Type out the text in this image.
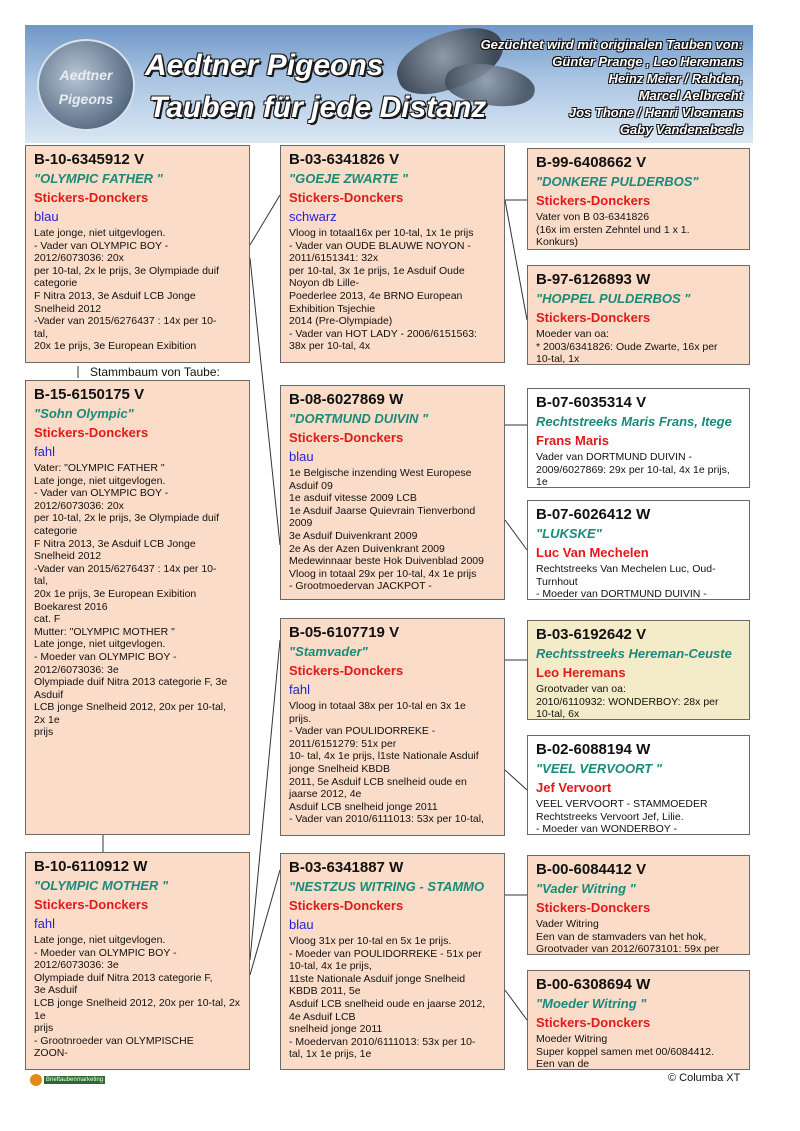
Aedtner
Pigeons
Aedtner Pigeons
Tauben für jede Distanz
Gezüchtet wird mit originalen Tauben von:
Günter Prange , Leo Heremans
Heinz Meier / Rahden,
Marcel Aelbrecht
Jos Thone / Henri Vloemans
Gaby Vandenabeele
B-10-6345912 V
"OLYMPIC FATHER "
Stickers-Donckers
blau
Late jonge, niet uitgevlogen.
- Vader van OLYMPIC BOY -
2012/6073036: 20x
per 10-tal, 2x le prijs, 3e Olympiade duif
categorie
F Nitra 2013, 3e Asduif LCB Jonge
Snelheid 2012
-Vader van 2015/6276437 : 14x per 10-
tal,
20x 1e prijs, 3e European Exibition
Stammbaum von Taube:
B-15-6150175 V
"Sohn Olympic"
Stickers-Donckers
fahl
Vater: "OLYMPIC FATHER "
Late jonge, niet uitgevlogen.
- Vader van OLYMPIC BOY -
2012/6073036: 20x
per 10-tal, 2x le prijs, 3e Olympiade duif
categorie
F Nitra 2013, 3e Asduif LCB Jonge
Snelheid 2012
-Vader van 2015/6276437 : 14x per 10-
tal,
20x 1e prijs, 3e European Exibition
Boekarest 2016
cat. F
Mutter: "OLYMPIC MOTHER "
Late jonge, niet uitgevlogen.
- Moeder van OLYMPIC BOY -
2012/6073036: 3e
Olympiade duif Nitra 2013 categorie F, 3e
Asduif
LCB jonge Snelheid 2012, 20x per 10-tal,
2x 1e
prijs
B-10-6110912 W
"OLYMPIC MOTHER "
Stickers-Donckers
fahl
Late jonge, niet uitgevlogen.
- Moeder van OLYMPIC BOY -
2012/6073036: 3e
Olympiade duif Nitra 2013 categorie F,
3e Asduif
LCB jonge Snelheid 2012, 20x per 10-tal, 2x 1e
prijs
- Grootnroeder van OLYMPISCHE
ZOON-
B-03-6341826 V
"GOEJE ZWARTE "
Stickers-Donckers
schwarz
Vloog in totaal16x per 10-tal, 1x 1e prijs
- Vader van OUDE BLAUWE NOYON -
2011/6151341: 32x
per 10-tal, 3x 1e prijs, 1e Asduif Oude
Noyon db Lille-
Poederlee 2013, 4e BRNO European
Exhibition Tsjechie
2014 (Pre-Olympiade)
- Vader van HOT LADY - 2006/6151563:
38x per 10-tal, 4x
B-08-6027869 W
"DORTMUND DUIVIN "
Stickers-Donckers
blau
1e Belgische inzending West Europese
Asduif 09
1e asduif vitesse 2009 LCB
1e Asduif Jaarse Quievrain Tienverbond
2009
3e Asduif Duivenkrant 2009
2e As der Azen Duivenkrant 2009
Medewinnaar beste Hok Duivenblad 2009
Vloog in totaal 29x per 10-tal, 4x 1e prijs
- Grootmoedervan JACKPOT -
B-05-6107719 V
"Stamvader"
Stickers-Donckers
fahl
Vloog in totaal 38x per 10-tal en 3x 1e
prijs.
- Vader van POULIDORREKE -
2011/6151279: 51x per
10- tal, 4x 1e prijs, l1ste Nationale Asduif
jonge Snelheid KBDB
2011, 5e Asduif LCB snelheid oude en
jaarse 2012, 4e
Asduif LCB snelheid jonge 2011
- Vader van 2010/6111013: 53x per 10-tal,
B-03-6341887 W
"NESTZUS WITRING - STAMMO
Stickers-Donckers
blau
Vloog 31x per 10-tal en 5x 1e prijs.
- Moeder van POULIDORREKE - 51x per
10-tal, 4x 1e prijs,
11ste Nationale Asduif jonge Snelheid
KBDB 2011, 5e
Asduif LCB snelheid oude en jaarse 2012,
4e Asduif LCB
snelheid jonge 2011
- Moedervan 2010/6111013: 53x per 10-
tal, 1x 1e prijs, 1e
B-99-6408662 V
"DONKERE PULDERBOS"
Stickers-Donckers
Vater von B 03-6341826
(16x im ersten Zehntel und 1 x 1.
Konkurs)
B-97-6126893 W
"HOPPEL PULDERBOS "
Stickers-Donckers
Moeder van oa:
* 2003/6341826: Oude Zwarte, 16x per
10-tal, 1x
B-07-6035314 V
Rechtstreeks Maris Frans, Itege
Frans Maris
Vader van DORTMUND DUIVIN -
2009/6027869: 29x per 10-tal, 4x 1e prijs,
1e
B-07-6026412 W
"LUKSKE"
Luc Van Mechelen
Rechtstreeks Van Mechelen Luc, Oud-
Turnhout
- Moeder van DORTMUND DUIVIN -
B-03-6192642 V
Rechtsstreeks Hereman-Ceuste
Leo Heremans
Grootvader van oa:
2010/6110932: WONDERBOY: 28x per
10-tal, 6x
B-02-6088194 W
"VEEL VERVOORT "
Jef Vervoort
VEEL VERVOORT - STAMMOEDER
Rechtstreeks Vervoort Jef, Lilie.
- Moeder van WONDERBOY -
B-00-6084412 V
"Vader Witring "
Stickers-Donckers
Vader Witring
Een van de stamvaders van het hok,
Grootvader van 2012/6073101: 59x per
B-00-6308694 W
"Moeder Witring "
Stickers-Donckers
Moeder Witring
Super koppel samen met 00/6084412.
Een van de
Brieftaubenmarketing	© Columba XT
